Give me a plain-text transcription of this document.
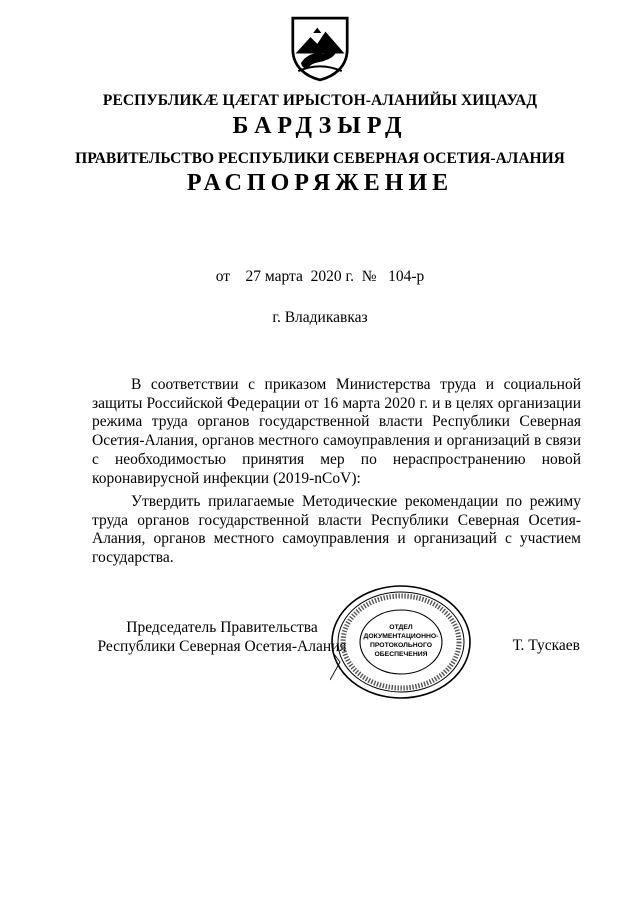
РЕСПУБЛИКÆ ЦÆГАТ ИРЫСТОН-АЛАНИЙЫ ХИЦАУАД
БАРДЗЫРД
ПРАВИТЕЛЬСТВО РЕСПУБЛИКИ СЕВЕРНАЯ ОСЕТИЯ-АЛАНИЯ
РАСПОРЯЖЕНИЕ
от    27 марта  2020 г.  №   104-р
г. Владикавказ

В соответствии с приказом Министерства труда и социальной защиты Российской Федерации от 16 марта 2020 г. и в целях организации режима труда органов государственной власти Республики Северная Осетия-Алания, органов местного самоуправления и организаций в связи с необходимостью принятия мер по нераспространению новой коронавирусной инфекции (2019-nCoV):

Утвердить прилагаемые Методические рекомендации по режиму труда органов государственной власти Республики Северная Осетия-Алания, органов местного самоуправления и организаций с участием государства.

Председатель Правительства
Республики Северная Осетия-Алания
ОТДЕЛ
ДОКУМЕНТАЦИОННО-
ПРОТОКОЛЬНОГО
ОБЕСПЕЧЕНИЯ
Т. Тускаев
